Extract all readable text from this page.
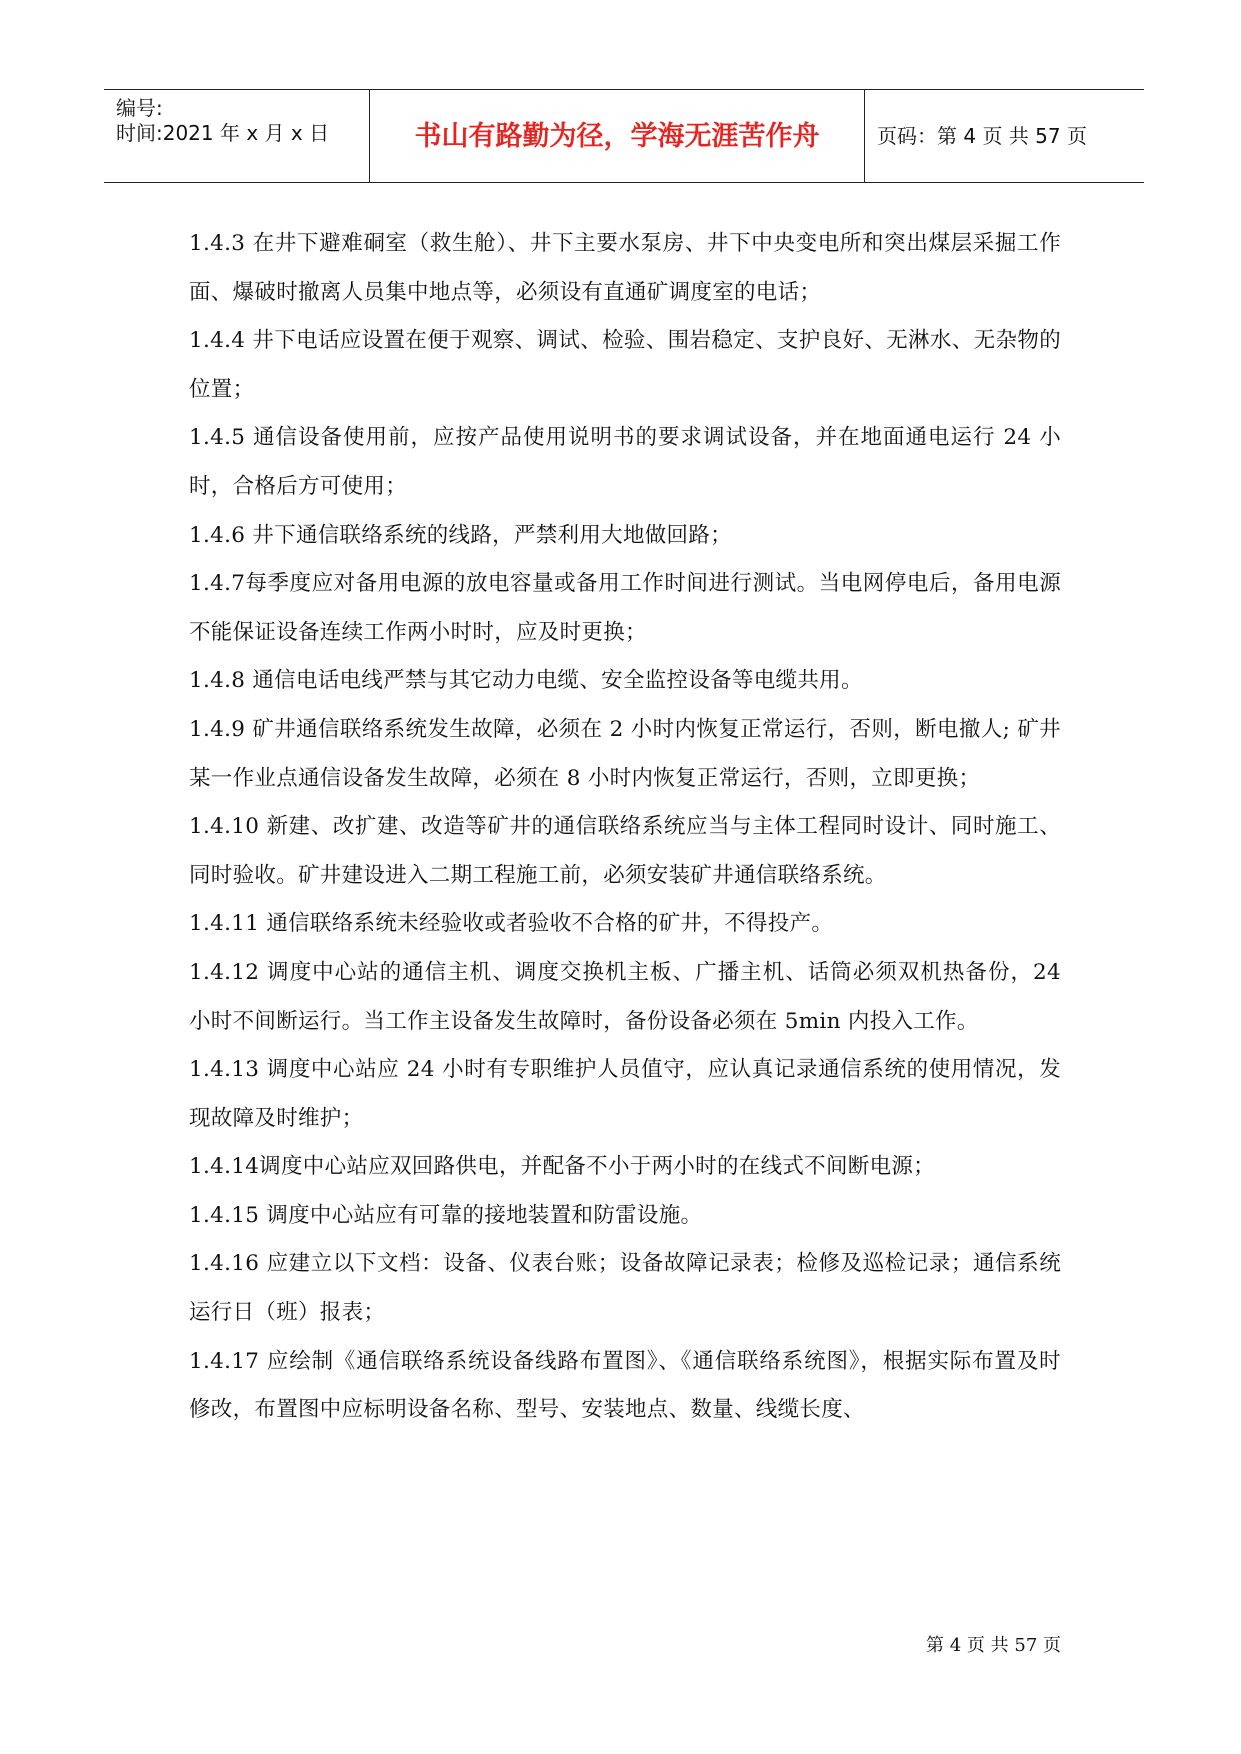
编号:
时间:2021 年 x 月 x 日	书山有路勤为径，学海无涯苦作舟	页码：第 4 页 共 57 页

1.4.3 在井下避难硐室（救生舱）、井下主要水泵房、井下中央变电所和突出煤层采掘工作面、爆破时撤离人员集中地点等，必须设有直通矿调度室的电话；

1.4.4 井下电话应设置在便于观察、调试、检验、围岩稳定、支护良好、无淋水、无杂物的位置；

1.4.5 通信设备使用前，应按产品使用说明书的要求调试设备，并在地面通电运行 24 小时，合格后方可使用；

1.4.6 井下通信联络系统的线路，严禁利用大地做回路；

1.4.7每季度应对备用电源的放电容量或备用工作时间进行测试。当电网停电后，备用电源不能保证设备连续工作两小时时，应及时更换；

1.4.8 通信电话电线严禁与其它动力电缆、安全监控设备等电缆共用。

1.4.9 矿井通信联络系统发生故障，必须在 2 小时内恢复正常运行，否则，断电撤人; 矿井某一作业点通信设备发生故障，必须在 8 小时内恢复正常运行，否则，立即更换；

1.4.10 新建、改扩建、改造等矿井的通信联络系统应当与主体工程同时设计、同时施工、同时验收。矿井建设进入二期工程施工前，必须安装矿井通信联络系统。

1.4.11 通信联络系统未经验收或者验收不合格的矿井，不得投产。

1.4.12 调度中心站的通信主机、调度交换机主板、广播主机、话筒必须双机热备份，24 小时不间断运行。当工作主设备发生故障时，备份设备必须在 5min 内投入工作。

1.4.13 调度中心站应 24 小时有专职维护人员值守，应认真记录通信系统的使用情况，发现故障及时维护；

1.4.14调度中心站应双回路供电，并配备不小于两小时的在线式不间断电源；

1.4.15 调度中心站应有可靠的接地装置和防雷设施。

1.4.16 应建立以下文档：设备、仪表台账；设备故障记录表；检修及巡检记录；通信系统运行日（班）报表；

1.4.17 应绘制《通信联络系统设备线路布置图》、《通信联络系统图》，根据实际布置及时修改，布置图中应标明设备名称、型号、安装地点、数量、线缆长度、

第 4 页 共 57 页
